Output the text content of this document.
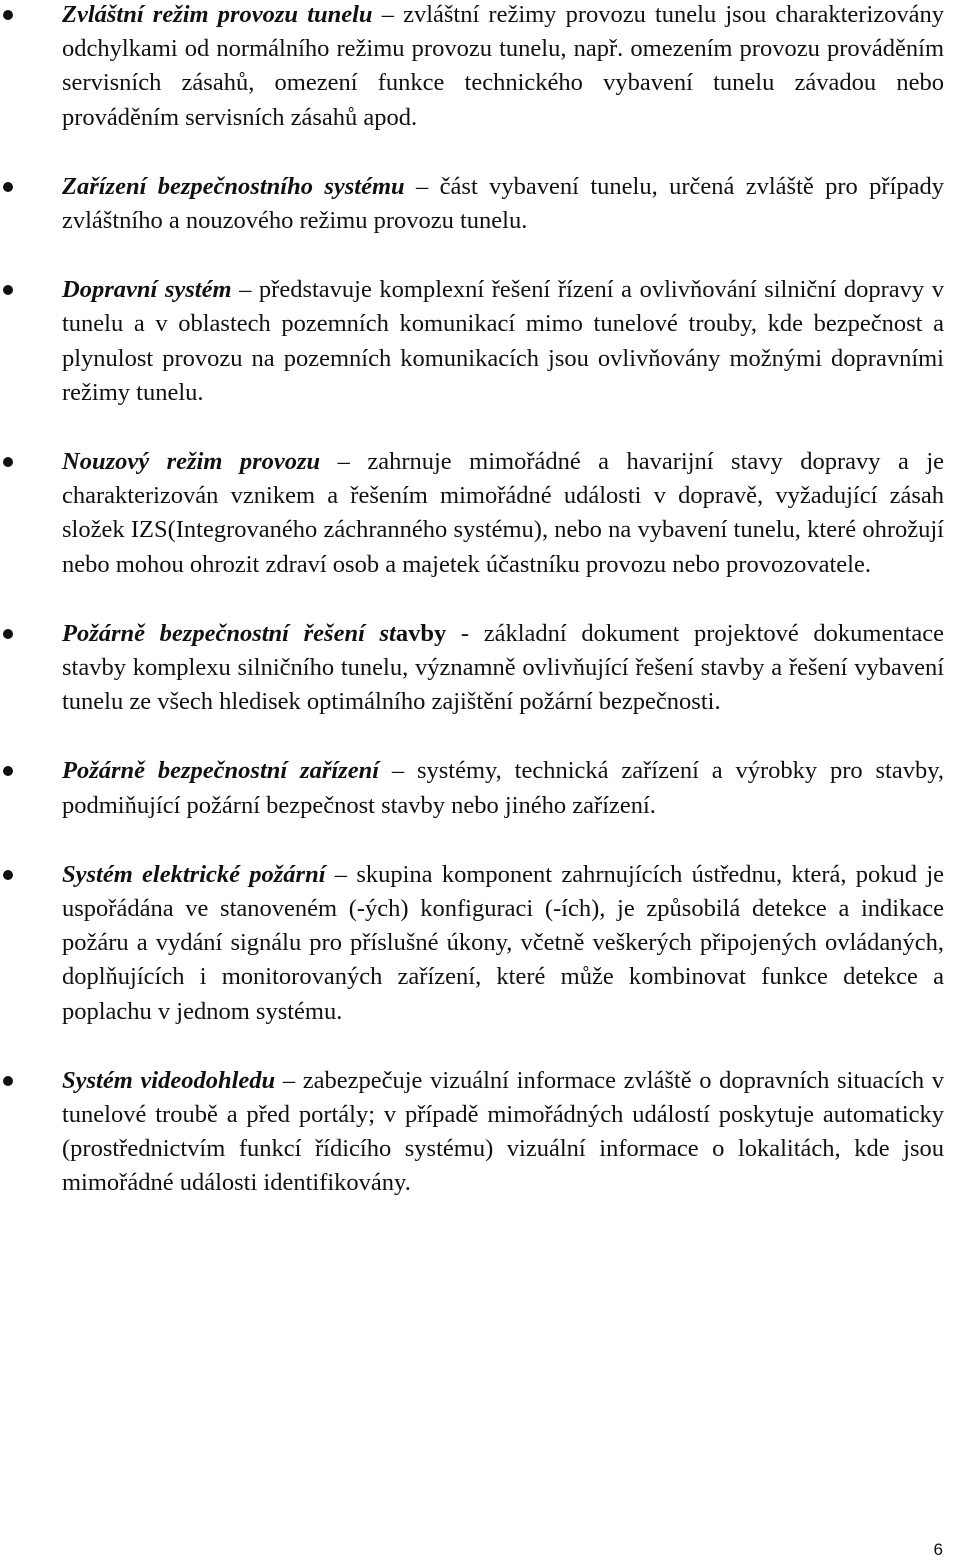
Zvláštní režim provozu tunelu – zvláštní režimy provozu tunelu jsou charakterizovány odchylkami od normálního režimu provozu tunelu, např. omezením provozu prováděním servisních zásahů, omezení funkce technického vybavení tunelu závadou nebo prováděním servisních zásahů apod.
Zařízení bezpečnostního systému – část vybavení tunelu, určená zvláště pro případy zvláštního a nouzového režimu provozu tunelu.
Dopravní systém – představuje komplexní řešení řízení a ovlivňování silniční dopravy v tunelu a v oblastech pozemních komunikací mimo tunelové trouby, kde bezpečnost a plynulost provozu na pozemních komunikacích jsou ovlivňovány možnými dopravními režimy tunelu.
Nouzový režim provozu – zahrnuje mimořádné a havarijní stavy dopravy a je charakterizován vznikem a řešením mimořádné události v dopravě, vyžadující zásah složek IZS(Integrovaného záchranného systému), nebo na vybavení tunelu, které ohrožují nebo mohou ohrozit zdraví osob a majetek účastníku provozu nebo provozovatele.
Požárně bezpečnostní řešení stavby - základní dokument projektové dokumentace stavby komplexu silničního tunelu, významně ovlivňující řešení stavby a řešení vybavení tunelu ze všech hledisek optimálního zajištění požární bezpečnosti.
Požárně bezpečnostní zařízení – systémy, technická zařízení a výrobky pro stavby, podmiňující požární bezpečnost stavby nebo jiného zařízení.
Systém elektrické požární – skupina komponent zahrnujících ústřednu, která, pokud je uspořádána ve stanoveném (-ých) konfiguraci (-ích), je způsobilá detekce a indikace požáru a vydání signálu pro příslušné úkony, včetně veškerých připojených ovládaných, doplňujících i monitorovaných zařízení, které může kombinovat funkce detekce a poplachu v jednom systému.
Systém videodohledu – zabezpečuje vizuální informace zvláště o dopravních situacích v tunelové troubě a před portály; v případě mimořádných událostí poskytuje automaticky (prostřednictvím funkcí řídicího systému) vizuální informace o lokalitách, kde jsou mimořádné události identifikovány.
6
